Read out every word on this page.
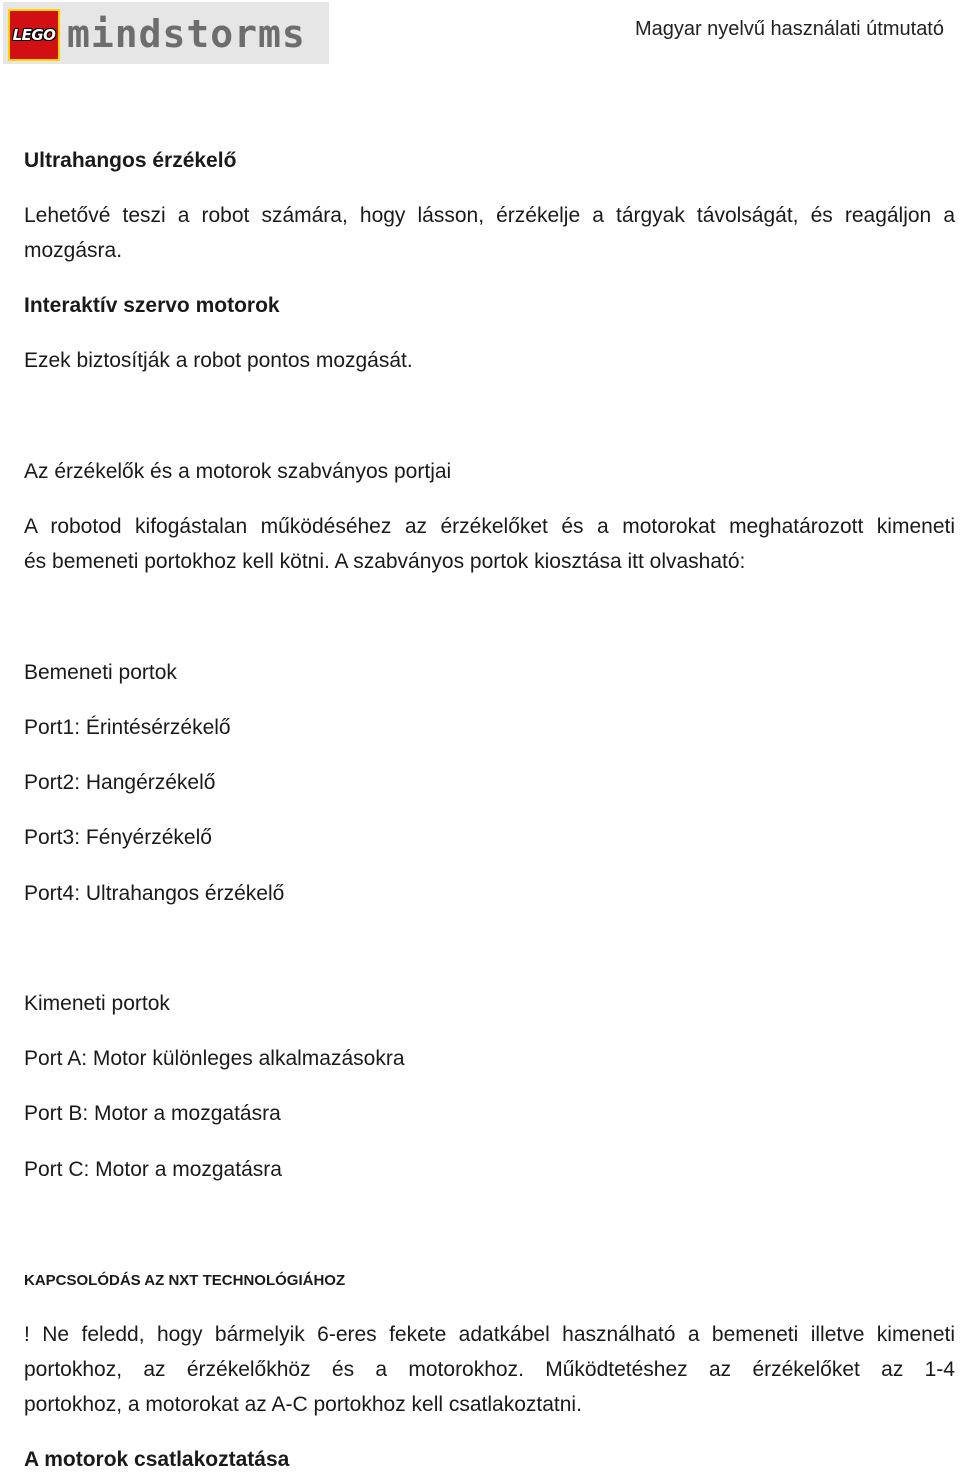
LEGO mindstorms	Magyar nyelvű használati útmutató
Ultrahangos érzékelő
Lehetővé teszi a robot számára, hogy lásson, érzékelje a tárgyak távolságát, és reagáljon a
mozgásra.
Interaktív szervo motorok
Ezek biztosítják a robot pontos mozgását.
Az érzékelők és a motorok szabványos portjai
A robotod kifogástalan működéséhez az érzékelőket és a motorokat meghatározott kimeneti
és bemeneti portokhoz kell kötni. A szabványos portok kiosztása itt olvasható:
Bemeneti portok
Port1: Érintésérzékelő
Port2: Hangérzékelő
Port3: Fényérzékelő
Port4: Ultrahangos érzékelő
Kimeneti portok
Port A: Motor különleges alkalmazásokra
Port B: Motor a mozgatásra
Port C: Motor a mozgatásra
KAPCSOLÓDÁS AZ NXT TECHNOLÓGIÁHOZ
! Ne feledd, hogy bármelyik 6-eres fekete adatkábel használható a bemeneti illetve kimeneti
portokhoz, az érzékelőkhöz és a motorokhoz. Működtetéshez az érzékelőket az 1-4
portokhoz, a motorokat az A-C portokhoz kell csatlakoztatni.
A motorok csatlakoztatása
